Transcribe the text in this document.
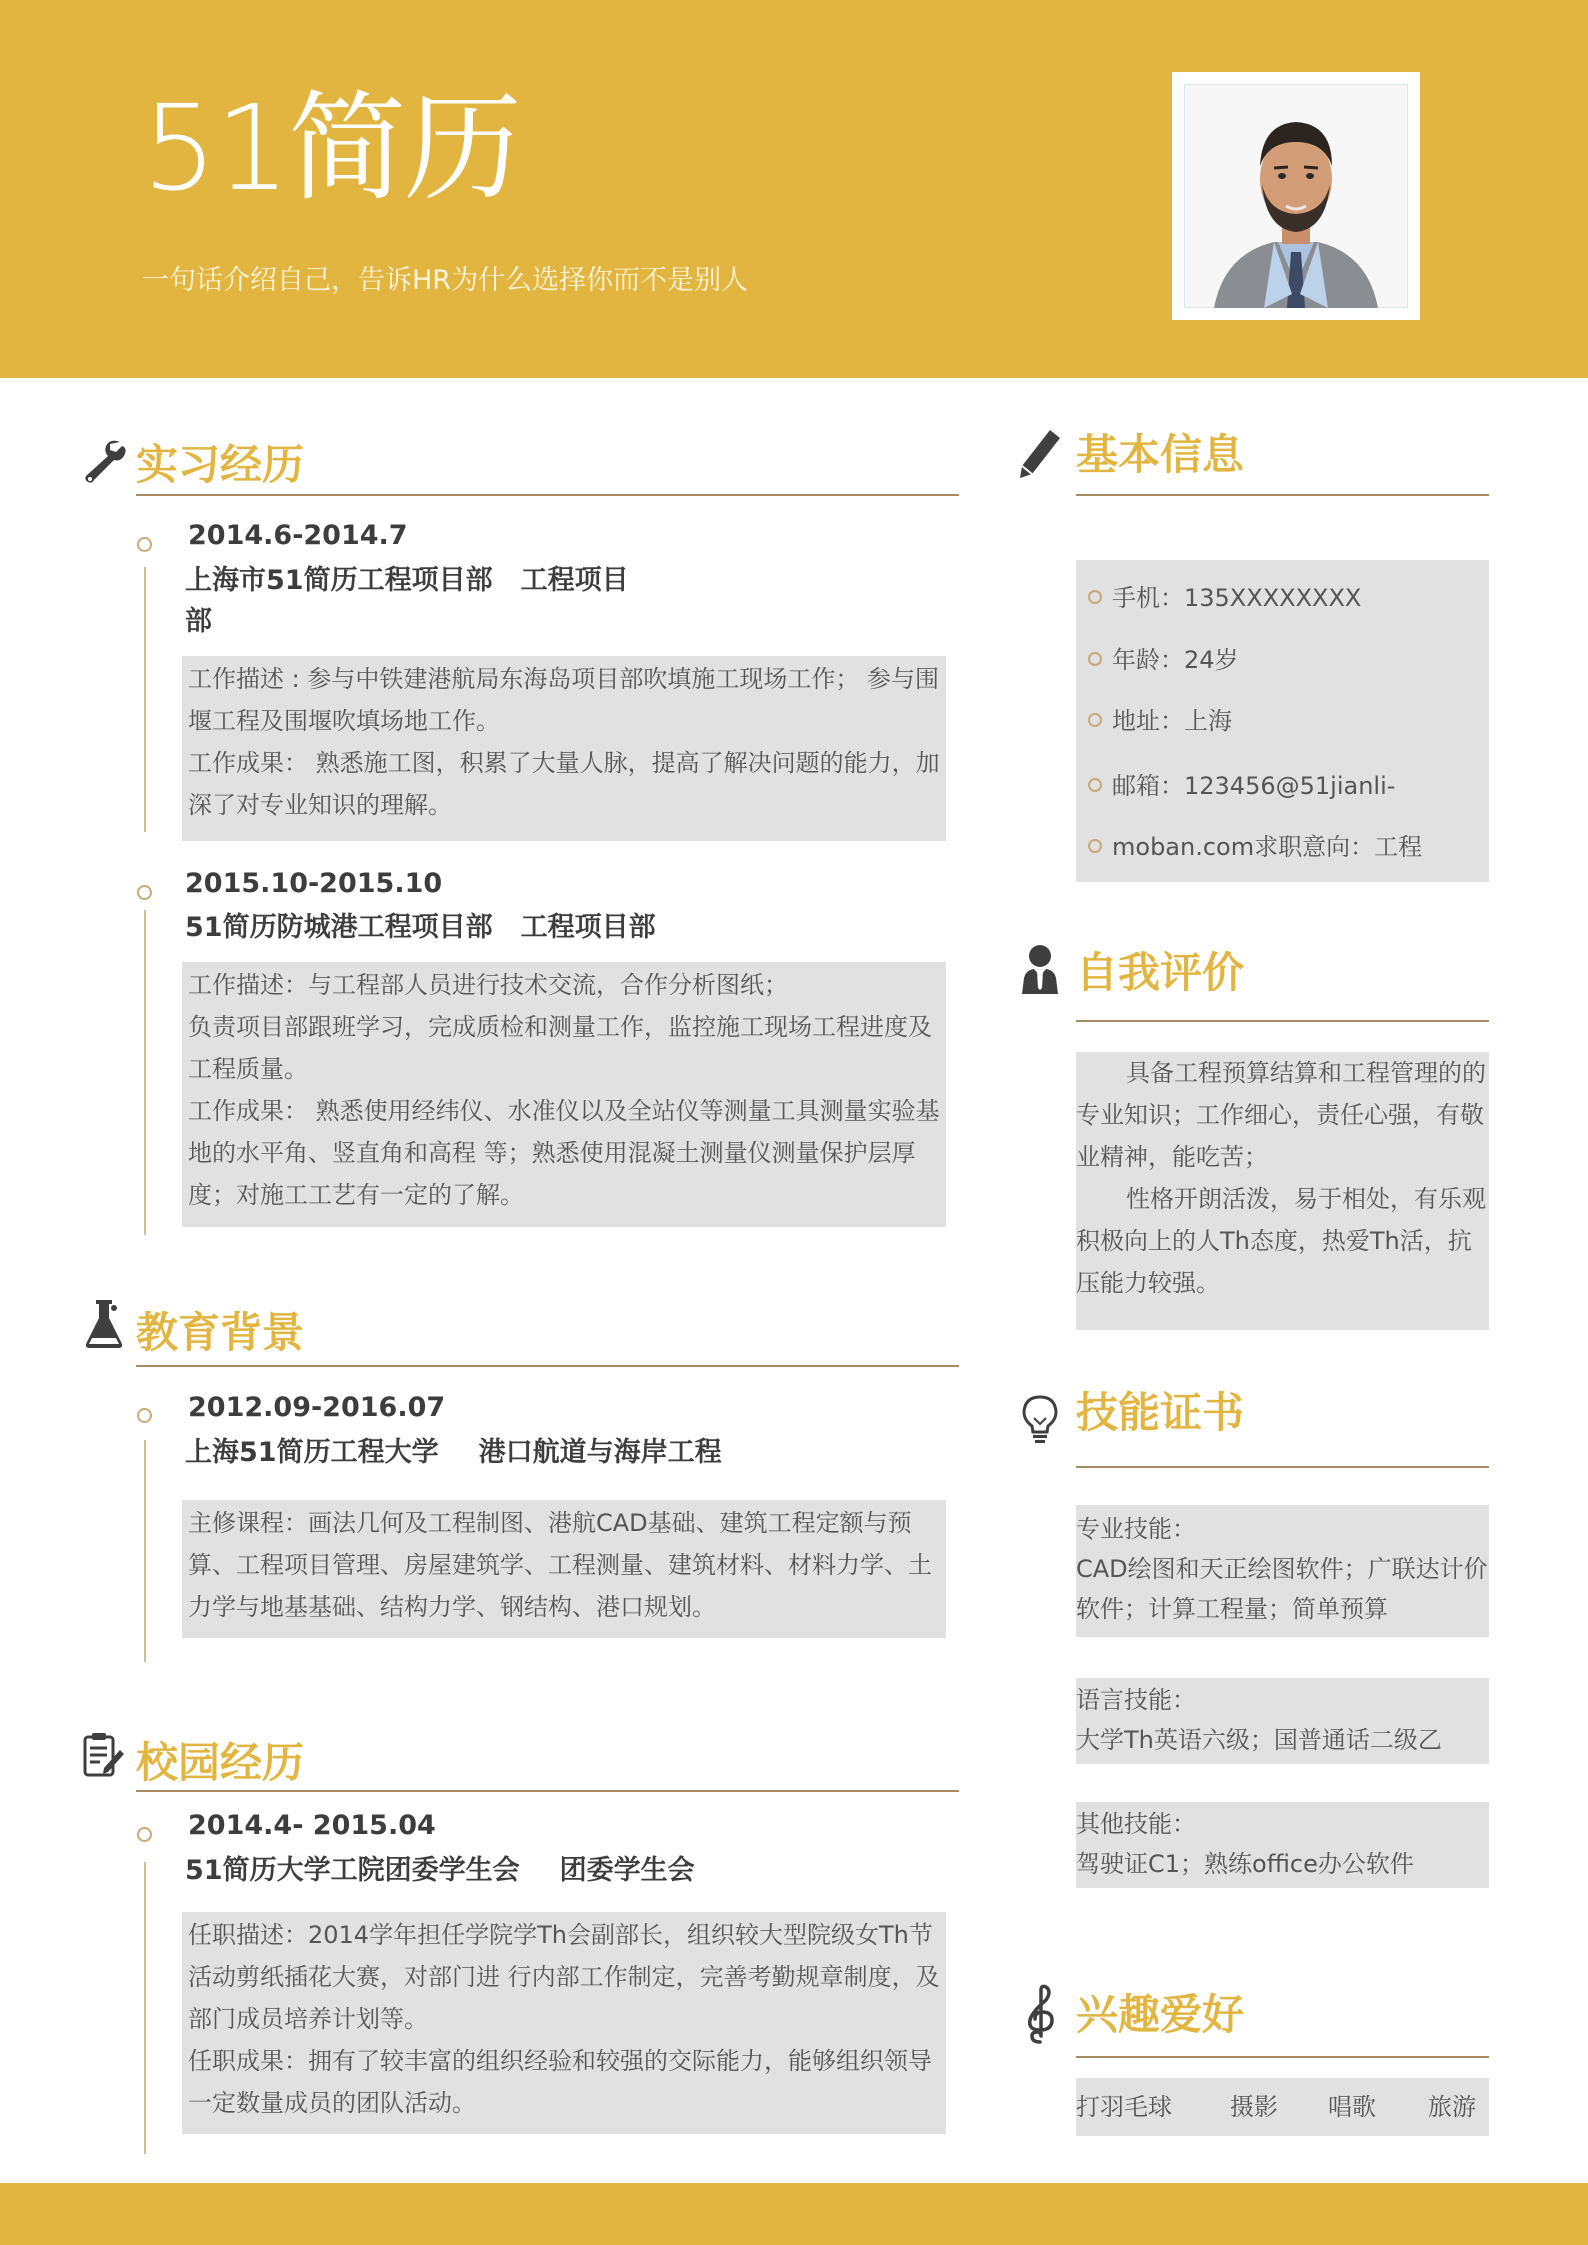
51简历
一句话介绍自己，告诉HR为什么选择你而不是别人
实习经历
2014.6-2014.7
上海市51简历工程项目部 工程项目
部

工作描述 : 参与中铁建港航局东海岛项目部吹填施工现场工作； 参与围堰工程及围堰吹填场地工作。

工作成果： 熟悉施工图，积累了大量人脉，提高了解决问题的能力，加深了对专业知识的理解。

2015.10-2015.10
51简历防城港工程项目部 工程项目部

工作描述：与工程部人员进行技术交流，合作分析图纸；

负责项目部跟班学习，完成质检和测量工作，监控施工现场工程进度及工程质量。

工作成果： 熟悉使用经纬仪、水准仪以及全站仪等测量工具测量实验基地的水平角、竖直角和高程 等；熟悉使用混凝土测量仪测量保护层厚度；对施工工艺有一定的了解。

教育背景
2012.09-2016.07
上海51简历工程大学 港口航道与海岸工程

主修课程：画法几何及工程制图、港航CAD基础、建筑工程定额与预算、工程项目管理、房屋建筑学、工程测量、建筑材料、材料力学、土力学与地基基础、结构力学、钢结构、港口规划。

校园经历
2014.4- 2015.04
51简历大学工院团委学生会 团委学生会

任职描述：2014学年担任学院学Th会副部长，组织较大型院级女Th节活动剪纸插花大赛，对部门进 行内部工作制定，完善考勤规章制度，及部门成员培养计划等。

任职成果：拥有了较丰富的组织经验和较强的交际能力，能够组织领导一定数量成员的团队活动。

基本信息
手机：135XXXXXXXX
年龄：24岁
地址：上海
邮箱：123456@51jianli-
moban.com求职意向：工程
自我评价

具备工程预算结算和工程管理的的专业知识；工作细心，责任心强，有敬业精神，能吃苦；

性格开朗活泼，易于相处，有乐观积极向上的人Th态度，热爱Th活，抗压能力较强。

技能证书

专业技能：

CAD绘图和天正绘图软件；广联达计价软件；计算工程量；简单预算

语言技能：

大学Th英语六级；国普通话二级乙

其他技能：

驾驶证C1；熟练office办公软件

兴趣爱好
打羽毛球 摄影 唱歌 旅游
